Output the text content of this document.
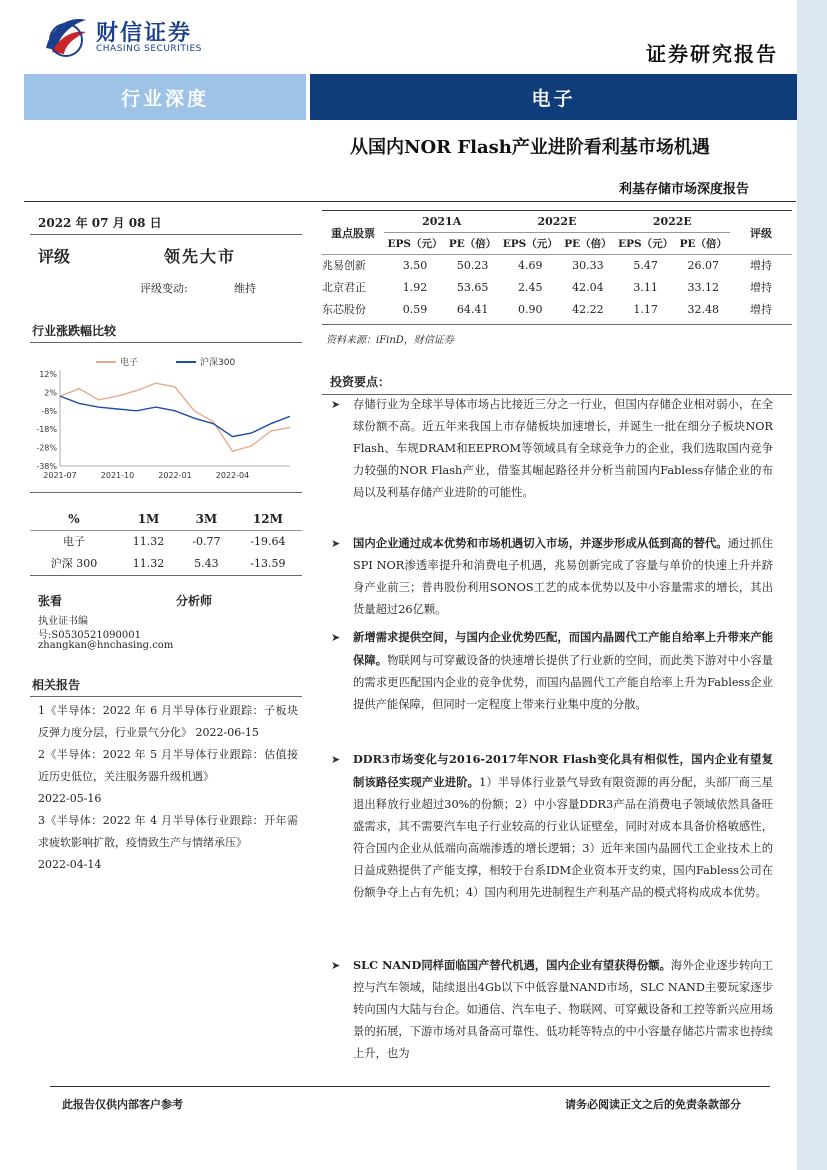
财信证券
CHASING SECURITIES	证券研究报告
行业深度	电子
从国内NOR Flash产业进阶看利基市场机遇
利基存储市场深度报告
2022 年 07 月 08 日
评级	领先大市
评级变动:	维持
行业涨跌幅比较
电子	沪深300
12%
2%
-8%
-18%
-28%
-38%
2021-07	2021-10	2022-01	2022-04
%	1M	3M	12M
电子	11.32	-0.77	-19.64
沪深 300	11.32	5.43	-13.59
张看	分析师
执业证书编
号:S0530521090001
zhangkan@hnchasing.com
相关报告
1《半导体：2022 年 6 月半导体行业跟踪：子板块反弹力度分层，行业景气分化》 2022-06-15
2《半导体：2022 年 5 月半导体行业跟踪：估值接近历史低位，关注服务器升级机遇》
2022-05-16
3《半导体：2022 年 4 月半导体行业跟踪：开年需求疲软影响扩散，疫情致生产与情绪承压》
2022-04-14
重点股票	2021A		2022E		2022E		评级
	EPS（元）	PE（倍）	EPS（元）	PE（倍）	EPS（元）	PE（倍）	
兆易创新	3.50	50.23	4.69	30.33	5.47	26.07	增持
北京君正	1.92	53.65	2.45	42.04	3.11	33.12	增持
东芯股份	0.59	64.41	0.90	42.22	1.17	32.48	增持
资料来源：iFinD，财信证券
投资要点：
➤ 存储行业为全球半导体市场占比接近三分之一行业，但国内存储企业相对弱小，在全球份额不高。近五年来我国上市存储板块加速增长，并诞生一批在细分子板块NOR Flash、车规DRAM和EEPROM等领域具有全球竞争力的企业，我们选取国内竞争力较强的NOR Flash产业，借鉴其崛起路径并分析当前国内Fabless存储企业的布局以及利基存储产业进阶的可能性。
➤ 国内企业通过成本优势和市场机遇切入市场，并逐步形成从低到高的替代。通过抓住SPI NOR渗透率提升和消费电子机遇，兆易创新完成了容量与单价的快速上升并跻身产业前三；普冉股份利用SONOS工艺的成本优势以及中小容量需求的增长，其出货量超过26亿颗。
➤ 新增需求提供空间，与国内企业优势匹配，而国内晶圆代工产能自给率上升带来产能保障。物联网与可穿戴设备的快速增长提供了行业新的空间，而此类下游对中小容量的需求更匹配国内企业的竞争优势，而国内晶圆代工产能自给率上升为Fabless企业提供产能保障，但同时一定程度上带来行业集中度的分散。
➤ DDR3市场变化与2016-2017年NOR Flash变化具有相似性，国内企业有望复制该路径实现产业进阶。1）半导体行业景气导致有限资源的再分配，头部厂商三星退出释放行业超过30%的份额；2）中小容量DDR3产品在消费电子领域依然具备旺盛需求，其不需要汽车电子行业较高的行业认证壁垒，同时对成本具备价格敏感性，符合国内企业从低端向高端渗透的增长逻辑；3）近年来国内晶圆代工企业技术上的日益成熟提供了产能支撑，相较于台系IDM企业资本开支约束，国内Fabless公司在份额争夺上占有先机；4）国内利用先进制程生产利基产品的模式将构成成本优势。
➤ SLC NAND同样面临国产替代机遇，国内企业有望获得份额。海外企业逐步转向工控与汽车领域，陆续退出4Gb以下中低容量NAND市场，SLC NAND主要玩家逐步转向国内大陆与台企。如通信、汽车电子、物联网、可穿戴设备和工控等新兴应用场景的拓展，下游市场对具备高可靠性、低功耗等特点的中小容量存储芯片需求也持续上升，也为
此报告仅供内部客户参考	请务必阅读正文之后的免责条款部分
